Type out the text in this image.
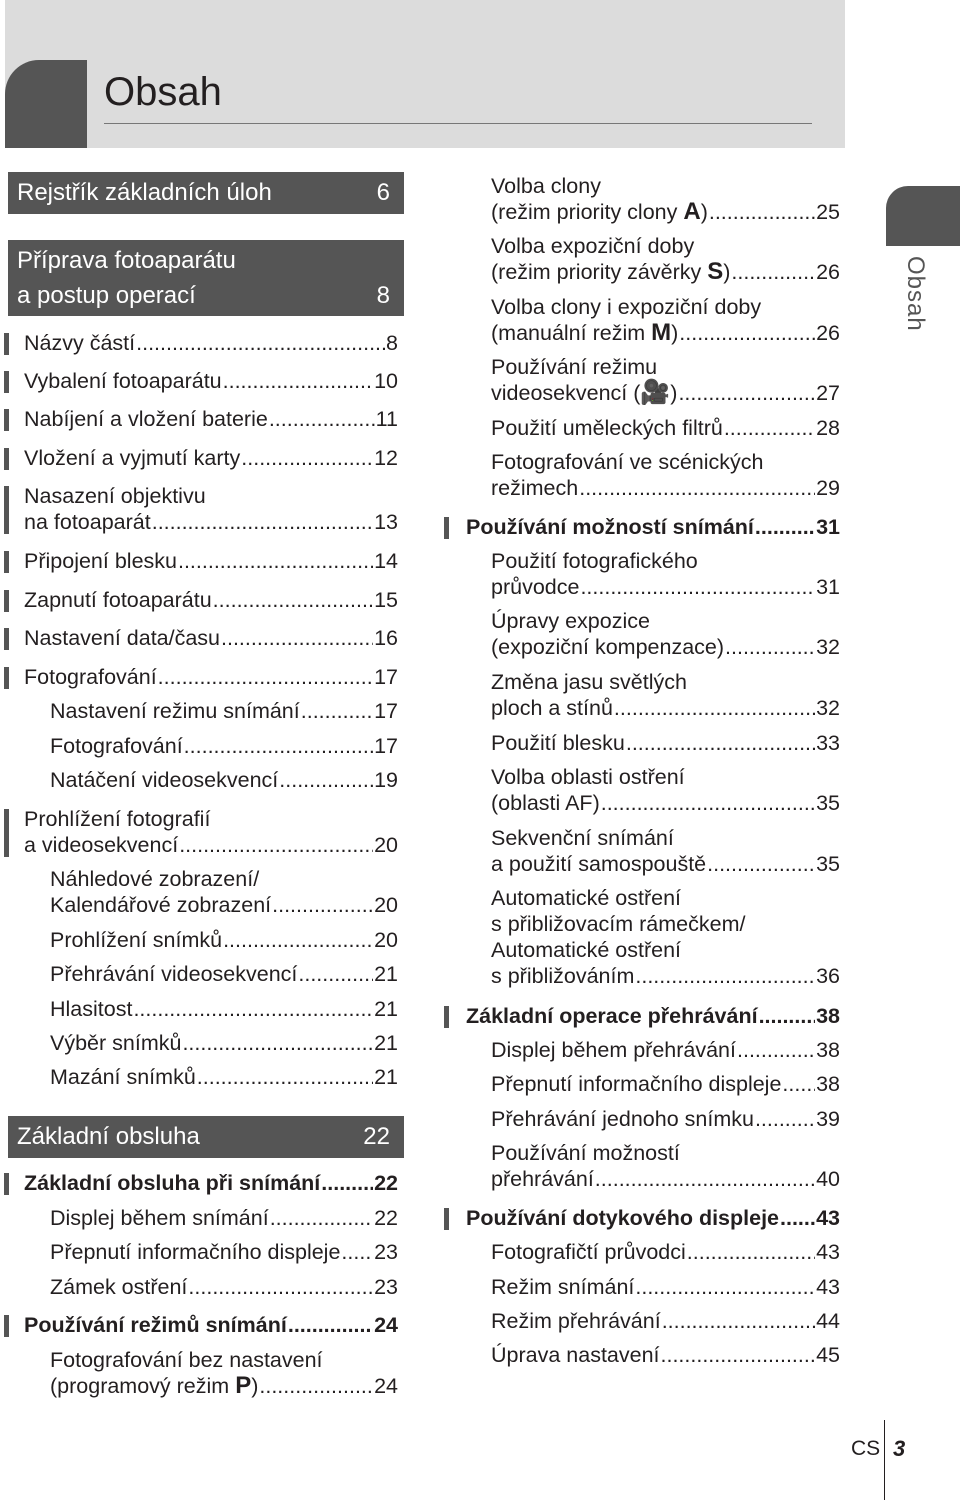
Obsah
Obsah
Rejstřík základních úloh	6
Příprava fotoaparátu
a postup operací	8
Základní obsluha	22
Názvy částí .....	8
Vybalení fotoaparátu .....	10
Nabíjení a vložení baterie .....	11
Vložení a vyjmutí karty .....	12
Nasazení objektivu
na fotoaparát .....	13
Připojení blesku .....	14
Zapnutí fotoaparátu .....	15
Nastavení data/času .....	16
Fotografování .....	17
Nastavení režimu snímání .....	17
Fotografování .....	17
Natáčení videosekvencí .....	19
Prohlížení fotografií
a videosekvencí .....	20
Náhledové zobrazení/
Kalendářové zobrazení .....	20
Prohlížení snímků .....	20
Přehrávání videosekvencí .....	21
Hlasitost .....	21
Výběr snímků .....	21
Mazání snímků .....	21
Základní obsluha při snímání .....	22
Displej během snímání .....	22
Přepnutí informačního displeje ..... 23
Zámek ostření .....	23
Používání režimů snímání .....	24
Fotografování bez nastavení
(programový režim P) .....	24
Volba clony
(režim priority clony A) .....	25
Volba expoziční doby
(režim priority závěrky S) .....	26
Volba clony i expoziční doby
(manuální režim M) .....	26
Používání režimu
videosekvencí (🎥) .....	27
Použití uměleckých filtrů .....	28
Fotografování ve scénických
režimech .....	29
Používání možností snímání .....	31
Použití fotografického
průvodce .....	31
Úpravy expozice
(expoziční kompenzace) .....	32
Změna jasu světlých
ploch a stínů .....	32
Použití blesku .....	33
Volba oblasti ostření
(oblasti AF) .....	35
Sekvenční snímání
a použití samospouště .....	35
Automatické ostření
s přibližovacím rámečkem/
Automatické ostření
s přibližováním .....	36
Základní operace přehrávání .....	38
Displej během přehrávání .....	38
Přepnutí informačního displeje ..... 38
Přehrávání jednoho snímku .....	39
Používání možností
přehrávání .....	40
Používání dotykového displeje ..... 43
Fotografičtí průvodci .....	43
Režim snímání .....	43
Režim přehrávání .....	44
Úprava nastavení .....	45
CS 3
